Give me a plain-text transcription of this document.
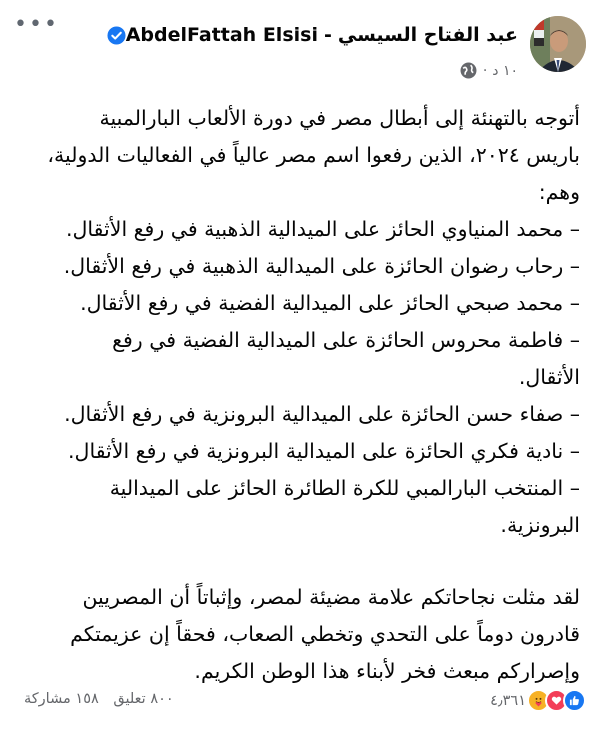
•••	AbdelFattah Elsisi - عبد الفتاح السيسي
· ١٠ د

أتوجه بالتهنئة إلى أبطال مصر في دورة الألعاب البارالمبية

باريس ٢٠٢٤، الذين رفعوا اسم مصر عالياً في الفعاليات الدولية،

وهم:

– محمد المنياوي الحائز على الميدالية الذهبية في رفع الأثقال.

– رحاب رضوان الحائزة على الميدالية الذهبية في رفع الأثقال.

– محمد صبحي الحائز على الميدالية الفضية في رفع الأثقال.

– فاطمة محروس الحائزة على الميدالية الفضية في رفع

الأثقال.

– صفاء حسن الحائزة على الميدالية البرونزية في رفع الأثقال.

– نادية فكري الحائزة على الميدالية البرونزية في رفع الأثقال.

– المنتخب البارالمبي للكرة الطائرة الحائز على الميدالية

البرونزية.

لقد مثلت نجاحاتكم علامة مضيئة لمصر، وإثباتاً أن المصريين

قادرون دوماً على التحدي وتخطي الصعاب، فحقاً إن عزيمتكم

وإصراركم مبعث فخر لأبناء هذا الوطن الكريم.

٨٠٠ تعليق ١٥٨ مشاركة	٤٫٣٦١
